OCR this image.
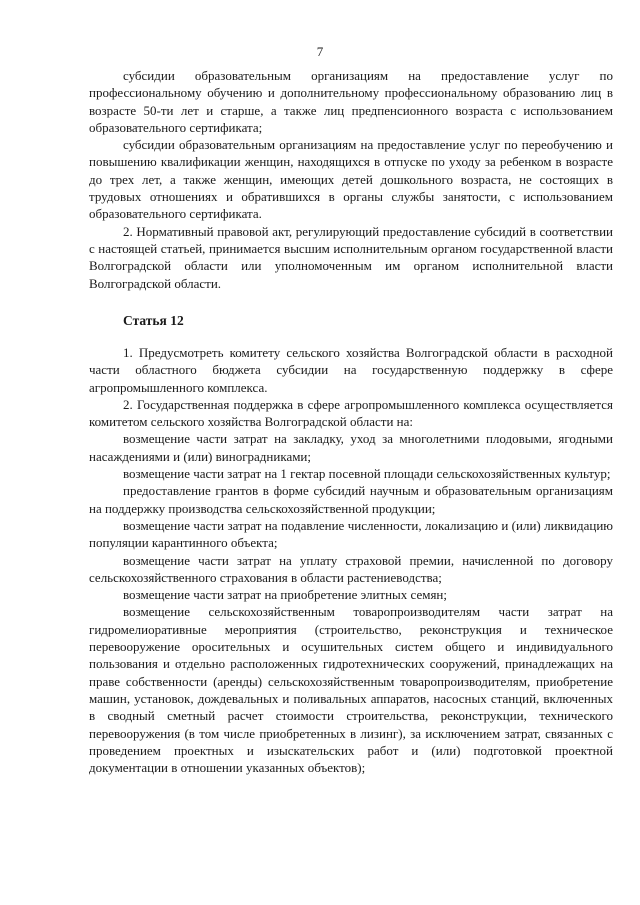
7

субсидии образовательным организациям на предоставление услуг по профессиональному обучению и дополнительному профессиональному образованию лиц в возрасте 50-ти лет и старше, а также лиц предпенсионного возраста с использованием образовательного сертификата;

субсидии образовательным организациям на предоставление услуг по переобучению и повышению квалификации женщин, находящихся в отпуске по уходу за ребенком в возрасте до трех лет, а также женщин, имеющих детей дошкольного возраста, не состоящих в трудовых отношениях и обратившихся в органы службы занятости, с использованием образовательного сертификата.

2. Нормативный правовой акт, регулирующий предоставление субсидий в соответствии с настоящей статьей, принимается высшим исполнительным органом государственной власти Волгоградской области или уполномоченным им органом исполнительной власти Волгоградской области.

Статья 12

1. Предусмотреть комитету сельского хозяйства Волгоградской области в расходной части областного бюджета субсидии на государственную поддержку в сфере агропромышленного комплекса.

2. Государственная поддержка в сфере агропромышленного комплекса осуществляется комитетом сельского хозяйства Волгоградской области на:

возмещение части затрат на закладку, уход за многолетними плодовыми, ягодными насаждениями и (или) виноградниками;

возмещение части затрат на 1 гектар посевной площади сельскохозяйственных культур;

предоставление грантов в форме субсидий научным и образовательным организациям на поддержку производства сельскохозяйственной продукции;

возмещение части затрат на подавление численности, локализацию и (или) ликвидацию популяции карантинного объекта;

возмещение части затрат на уплату страховой премии, начисленной по договору сельскохозяйственного страхования в области растениеводства;

возмещение части затрат на приобретение элитных семян;

возмещение сельскохозяйственным товаропроизводителям части затрат на гидромелиоративные мероприятия (строительство, реконструкция и техническое перевооружение оросительных и осушительных систем общего и индивидуального пользования и отдельно расположенных гидротехнических сооружений, принадлежащих на праве собственности (аренды) сельскохозяйственным товаропроизводителям, приобретение машин, установок, дождевальных и поливальных аппаратов, насосных станций, включенных в сводный сметный расчет стоимости строительства, реконструкции, технического перевооружения (в том числе приобретенных в лизинг), за исключением затрат, связанных с проведением проектных и изыскательских работ и (или) подготовкой проектной документации в отношении указанных объектов);
